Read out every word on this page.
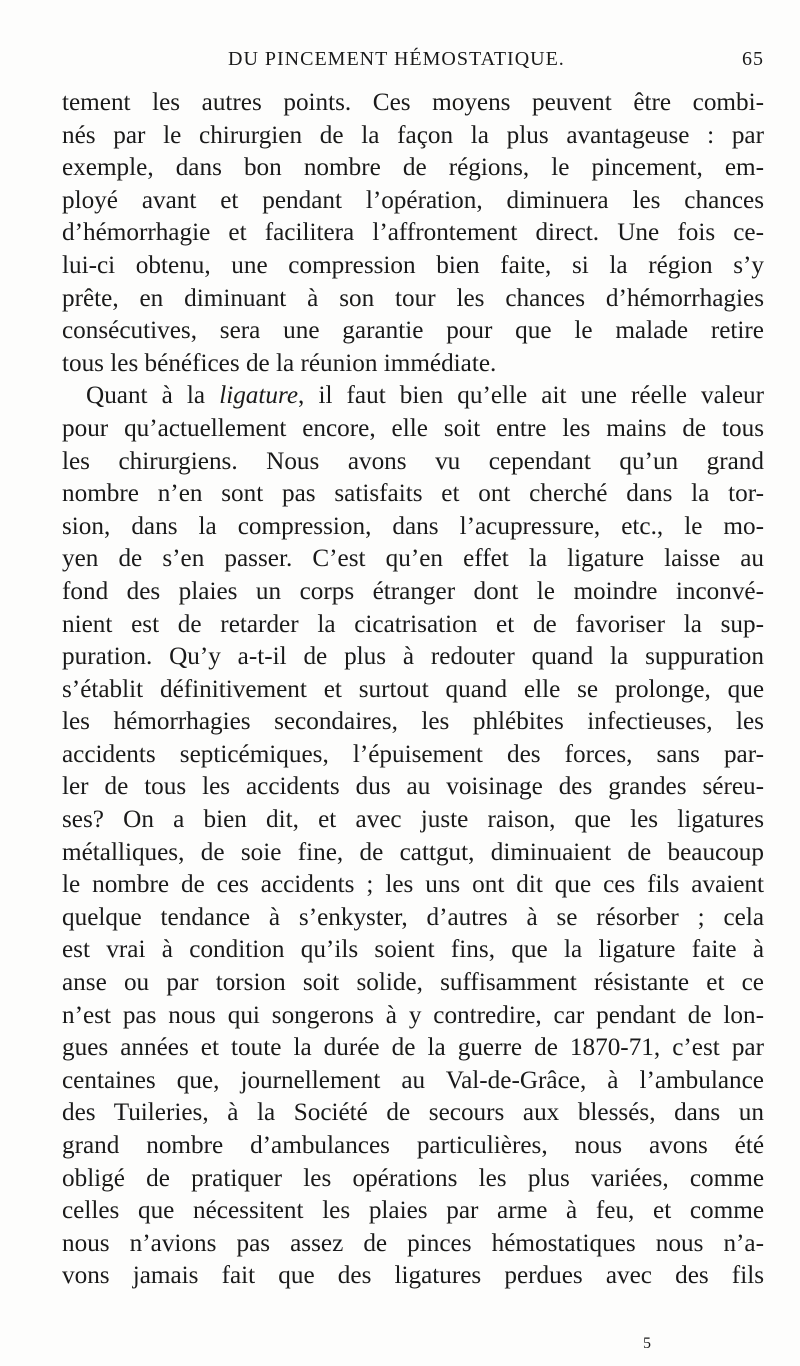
DU PINCEMENT HÉMOSTATIQUE.	65
tement les autres points. Ces moyens peuvent être combi-
nés par le chirurgien de la façon la plus avantageuse : par
exemple, dans bon nombre de régions, le pincement, em-
ployé avant et pendant l’opération, diminuera les chances
d’hémorrhagie et facilitera l’affrontement direct. Une fois ce-
lui-ci obtenu, une compression bien faite, si la région s’y
prête, en diminuant à son tour les chances d’hémorrhagies
consécutives, sera une garantie pour que le malade retire
tous les bénéfices de la réunion immédiate.
Quant à la ligature, il faut bien qu’elle ait une réelle valeur
pour qu’actuellement encore, elle soit entre les mains de tous
les chirurgiens. Nous avons vu cependant qu’un grand
nombre n’en sont pas satisfaits et ont cherché dans la tor-
sion, dans la compression, dans l’acupressure, etc., le mo-
yen de s’en passer. C’est qu’en effet la ligature laisse au
fond des plaies un corps étranger dont le moindre inconvé-
nient est de retarder la cicatrisation et de favoriser la sup-
puration. Qu’y a-t-il de plus à redouter quand la suppuration
s’établit définitivement et surtout quand elle se prolonge, que
les hémorrhagies secondaires, les phlébites infectieuses, les
accidents septicémiques, l’épuisement des forces, sans par-
ler de tous les accidents dus au voisinage des grandes séreu-
ses? On a bien dit, et avec juste raison, que les ligatures
métalliques, de soie fine, de cattgut, diminuaient de beaucoup
le nombre de ces accidents ; les uns ont dit que ces fils avaient
quelque tendance à s’enkyster, d’autres à se résorber ; cela
est vrai à condition qu’ils soient fins, que la ligature faite à
anse ou par torsion soit solide, suffisamment résistante et ce
n’est pas nous qui songerons à y contredire, car pendant de lon-
gues années et toute la durée de la guerre de 1870-71, c’est par
centaines que, journellement au Val-de-Grâce, à l’ambulance
des Tuileries, à la Société de secours aux blessés, dans un
grand nombre d’ambulances particulières, nous avons été
obligé de pratiquer les opérations les plus variées, comme
celles que nécessitent les plaies par arme à feu, et comme
nous n’avions pas assez de pinces hémostatiques nous n’a-
vons jamais fait que des ligatures perdues avec des fils
5
